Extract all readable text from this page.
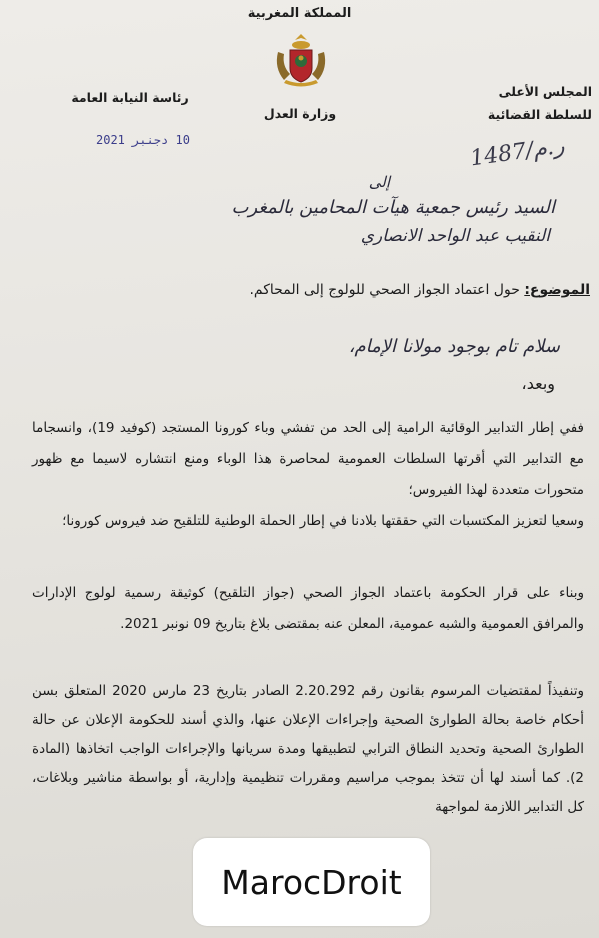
المملكة المغربية
رئاسة النيابة العامة
وزارة العدل
المجلس الأعلى
للسلطة القضائية
10 دجنبر 2021	1487/ر.م
إلى
السيد رئيس جمعية هيآت المحامين بالمغرب
النقيب عبد الواحد الانصاري
الموضوع: حول اعتماد الجواز الصحي للولوج إلى المحاكم.
سلام تام بوجود مولانا الإمام،
وبعد،
ففي إطار التدابير الوقائية الرامية إلى الحد من تفشي وباء كورونا المستجد (كوفيد 19)، وانسجاما مع التدابير التي أقرتها السلطات العمومية لمحاصرة هذا الوباء ومنع انتشاره لاسيما مع ظهور متحورات متعددة لهذا الفيروس؛
وسعيا لتعزيز المكتسبات التي حققتها بلادنا في إطار الحملة الوطنية للتلقيح ضد فيروس كورونا؛
وبناء على قرار الحكومة باعتماد الجواز الصحي (جواز التلقيح) كوثيقة رسمية لولوج الإدارات والمرافق العمومية والشبه عمومية، المعلن عنه بمقتضى بلاغ بتاريخ 09 نونبر 2021.
وتنفيذاً لمقتضيات المرسوم بقانون رقم 2.20.292 الصادر بتاريخ 23 مارس 2020 المتعلق بسن أحكام خاصة بحالة الطوارئ الصحية وإجراءات الإعلان عنها، والذي أسند للحكومة الإعلان عن حالة الطوارئ الصحية وتحديد النطاق الترابي لتطبيقها ومدة سريانها والإجراءات الواجب اتخاذها (المادة 2). كما أسند لها أن تتخذ بموجب مراسيم ومقررات تنظيمية وإدارية، أو بواسطة مناشير وبلاغات، كل التدابير اللازمة لمواجهة
MarocDroit
